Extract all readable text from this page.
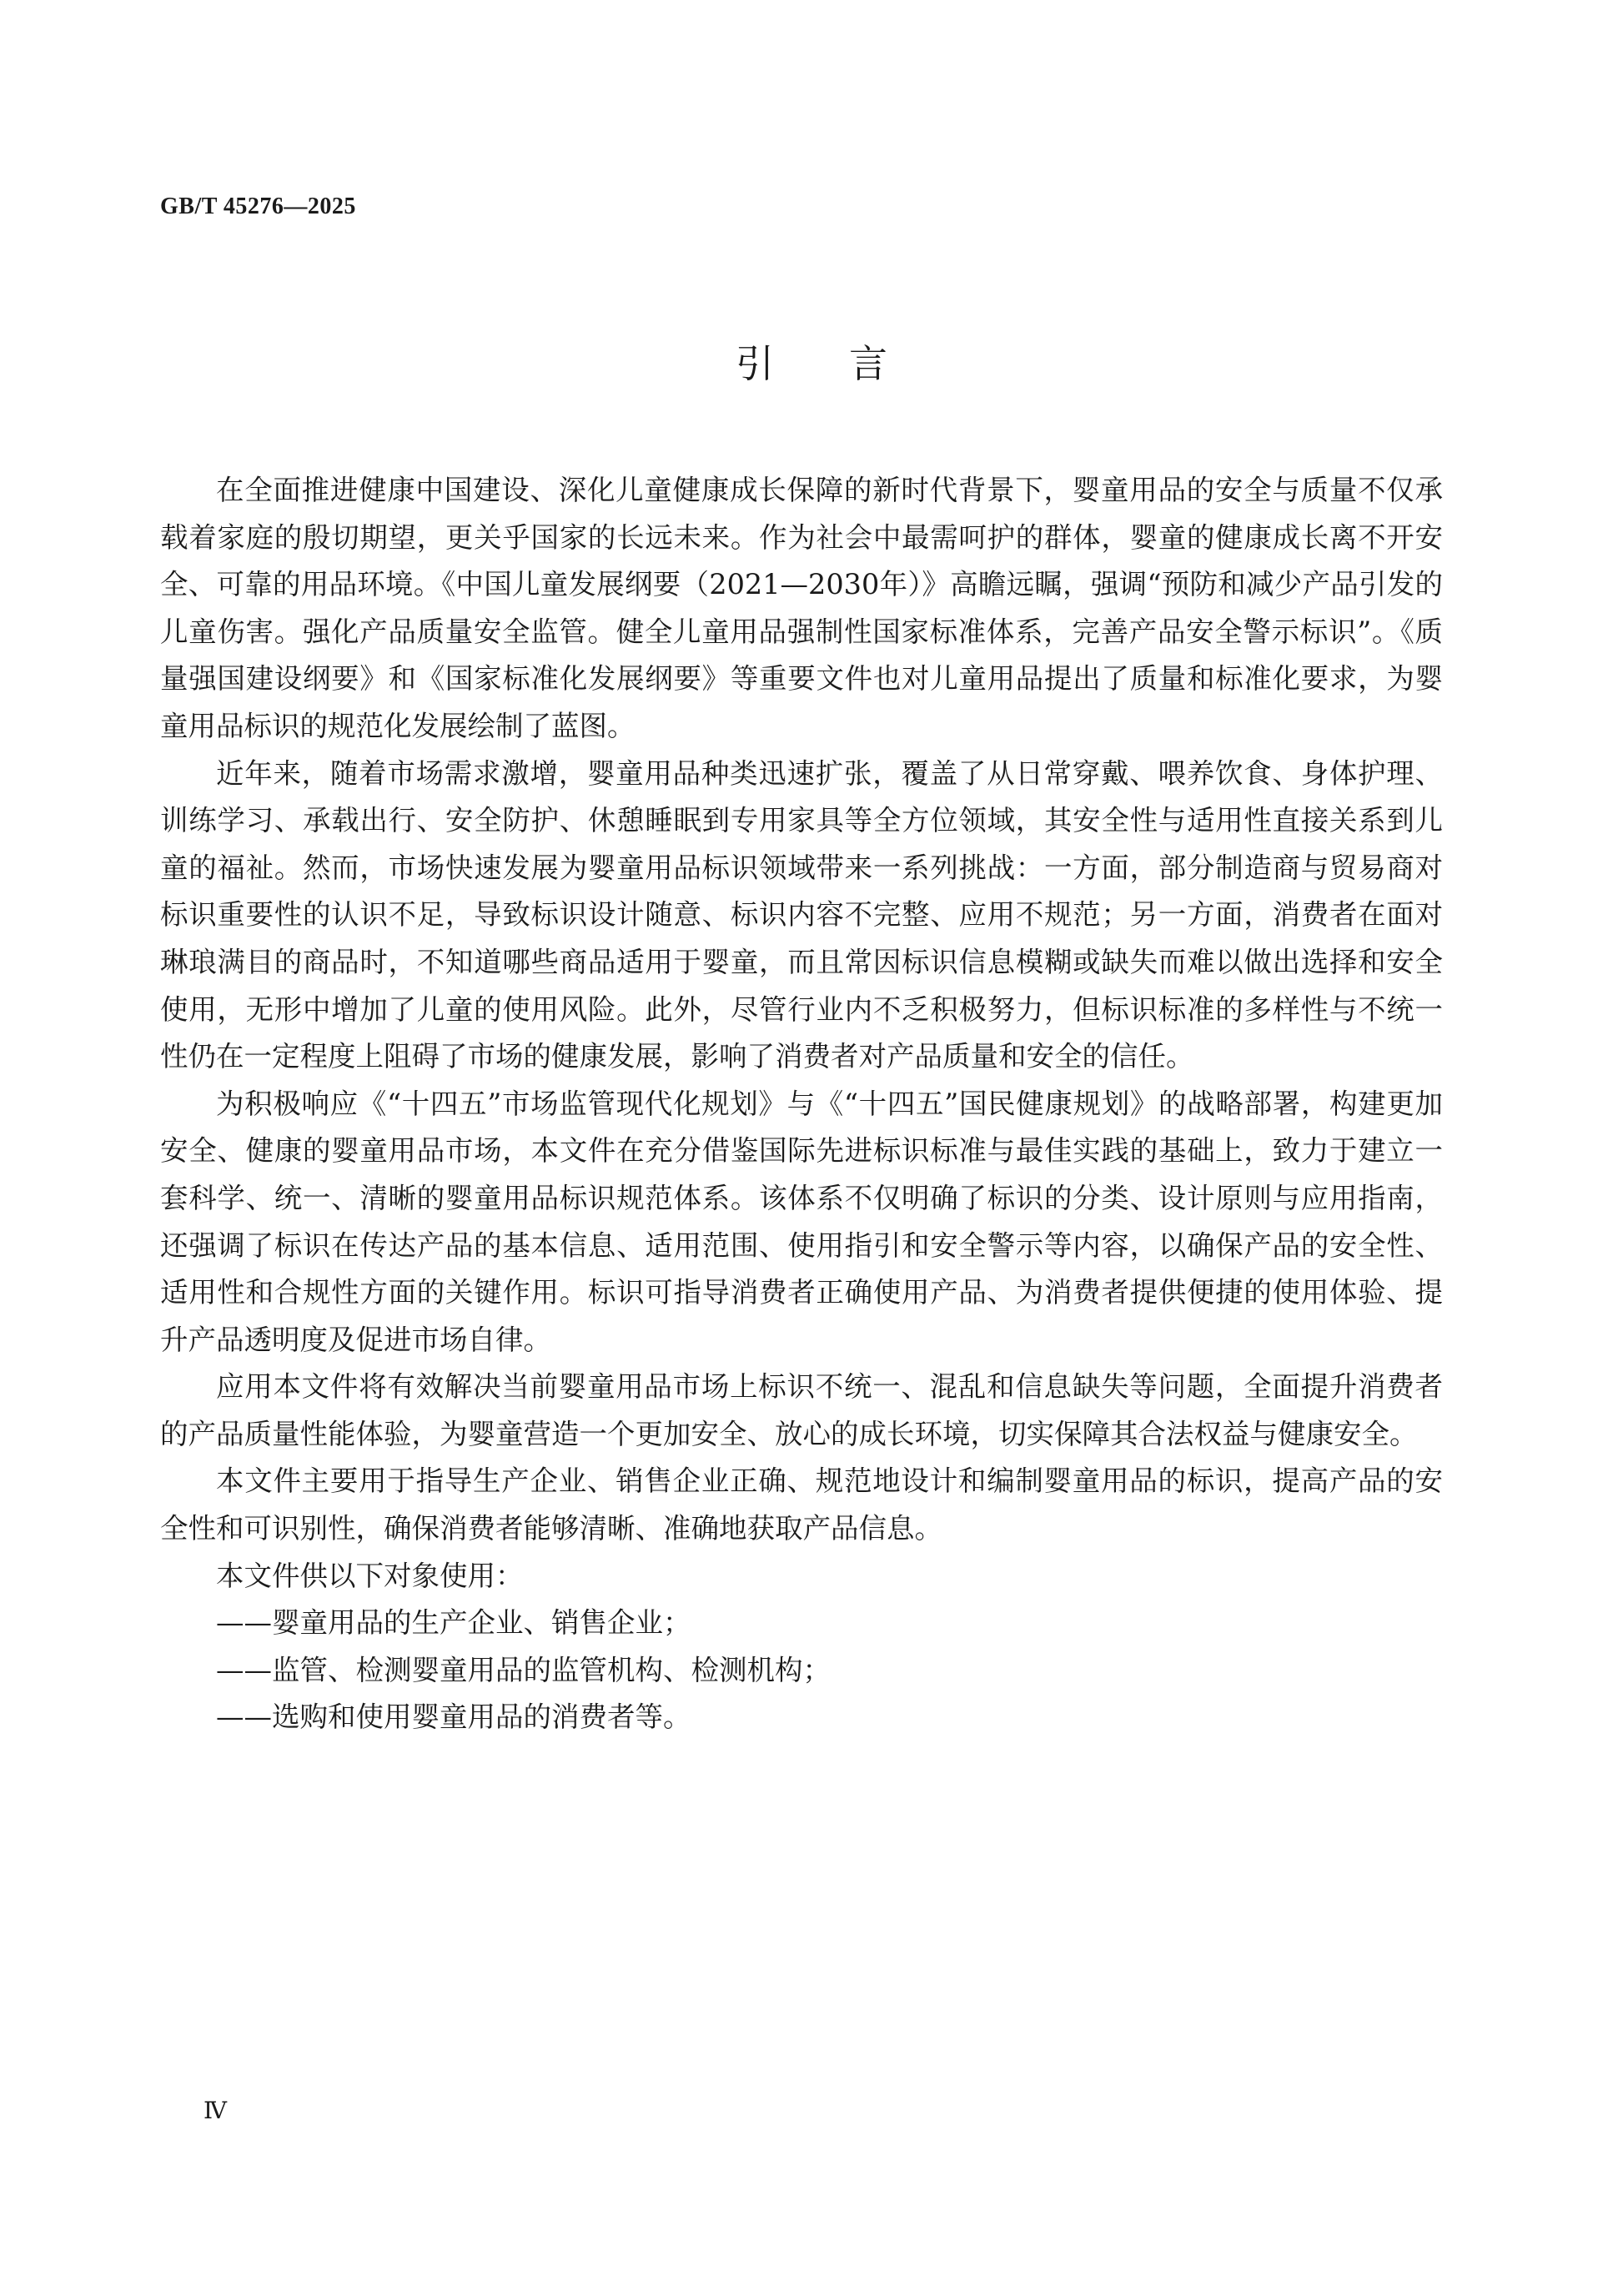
GB/T 45276—2025
引言

在全面推进健康中国建设、深化儿童健康成长保障的新时代背景下，婴童用品的安全与质量不仅承载着家庭的殷切期望，更关乎国家的长远未来。作为社会中最需呵护的群体，婴童的健康成长离不开安全、可靠的用品环境。《中国儿童发展纲要（2021—2030年）》高瞻远瞩，强调“预防和减少产品引发的儿童伤害。强化产品质量安全监管。健全儿童用品强制性国家标准体系，完善产品安全警示标识”。《质量强国建设纲要》和《国家标准化发展纲要》等重要文件也对儿童用品提出了质量和标准化要求，为婴童用品标识的规范化发展绘制了蓝图。

近年来，随着市场需求激增，婴童用品种类迅速扩张，覆盖了从日常穿戴、喂养饮食、身体护理、训练学习、承载出行、安全防护、休憩睡眠到专用家具等全方位领域，其安全性与适用性直接关系到儿童的福祉。然而，市场快速发展为婴童用品标识领域带来一系列挑战：一方面，部分制造商与贸易商对标识重要性的认识不足，导致标识设计随意、标识内容不完整、应用不规范；另一方面，消费者在面对琳琅满目的商品时，不知道哪些商品适用于婴童，而且常因标识信息模糊或缺失而难以做出选择和安全使用，无形中增加了儿童的使用风险。此外，尽管行业内不乏积极努力，但标识标准的多样性与不统一性仍在一定程度上阻碍了市场的健康发展，影响了消费者对产品质量和安全的信任。

为积极响应《“十四五”市场监管现代化规划》与《“十四五”国民健康规划》的战略部署，构建更加安全、健康的婴童用品市场，本文件在充分借鉴国际先进标识标准与最佳实践的基础上，致力于建立一套科学、统一、清晰的婴童用品标识规范体系。该体系不仅明确了标识的分类、设计原则与应用指南，还强调了标识在传达产品的基本信息、适用范围、使用指引和安全警示等内容，以确保产品的安全性、适用性和合规性方面的关键作用。标识可指导消费者正确使用产品、为消费者提供便捷的使用体验、提升产品透明度及促进市场自律。

应用本文件将有效解决当前婴童用品市场上标识不统一、混乱和信息缺失等问题，全面提升消费者的产品质量性能体验，为婴童营造一个更加安全、放心的成长环境，切实保障其合法权益与健康安全。

本文件主要用于指导生产企业、销售企业正确、规范地设计和编制婴童用品的标识，提高产品的安全性和可识别性，确保消费者能够清晰、准确地获取产品信息。

本文件供以下对象使用：

——婴童用品的生产企业、销售企业；
——监管、检测婴童用品的监管机构、检测机构；
——选购和使用婴童用品的消费者等。
Ⅳ
